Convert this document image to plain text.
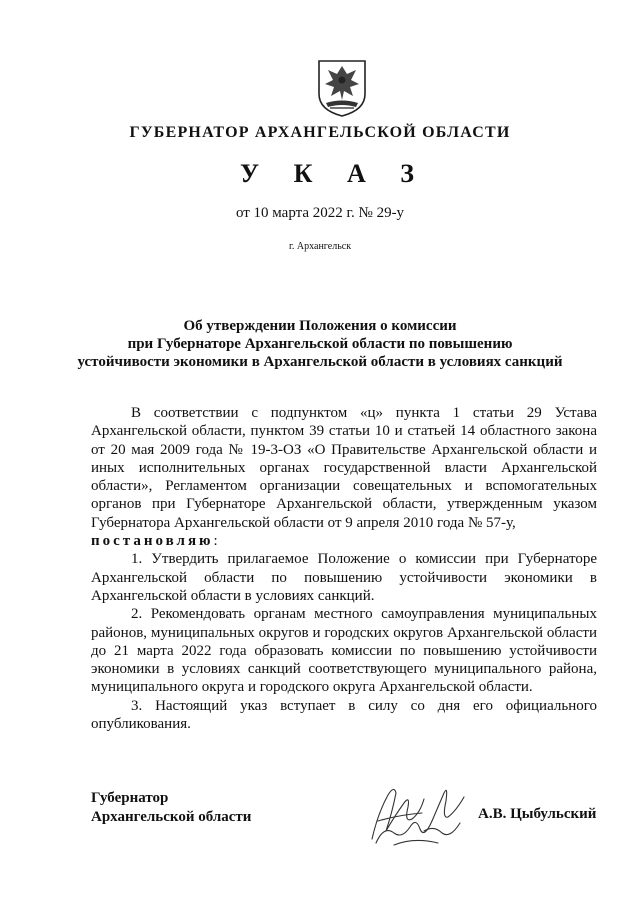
ГУБЕРНАТОР АРХАНГЕЛЬСКОЙ ОБЛАСТИ
У К А З
от 10 марта 2022 г. № 29-у
г. Архангельск
Об утверждении Положения о комиссии
при Губернаторе Архангельской области по повышению
устойчивости экономики в Архангельской области в условиях санкций

В соответствии с подпунктом «ц» пункта 1 статьи 29 Устава Архангельской области, пунктом 39 статьи 10 и статьей 14 областного закона от 20 мая 2009 года № 19-3-ОЗ «О Правительстве Архангельской области и иных исполнительных органах государственной власти Архангельской области», Регламентом организации совещательных и вспомогательных органов при Губернаторе Архангельской области, утвержденным указом Губернатора Архангельской области от 9 апреля 2010 года № 57-у,
постановляю:

1. Утвердить прилагаемое Положение о комиссии при Губернаторе Архангельской области по повышению устойчивости экономики в Архангельской области в условиях санкций.

2. Рекомендовать органам местного самоуправления муниципальных районов, муниципальных округов и городских округов Архангельской области до 21 марта 2022 года образовать комиссии по повышению устойчивости экономики в условиях санкций соответствующего муниципального района, муниципального округа и городского округа Архангельской области.

3. Настоящий указ вступает в силу со дня его официального опубликования.

Губернатор
Архангельской области	А.В. Цыбульский
